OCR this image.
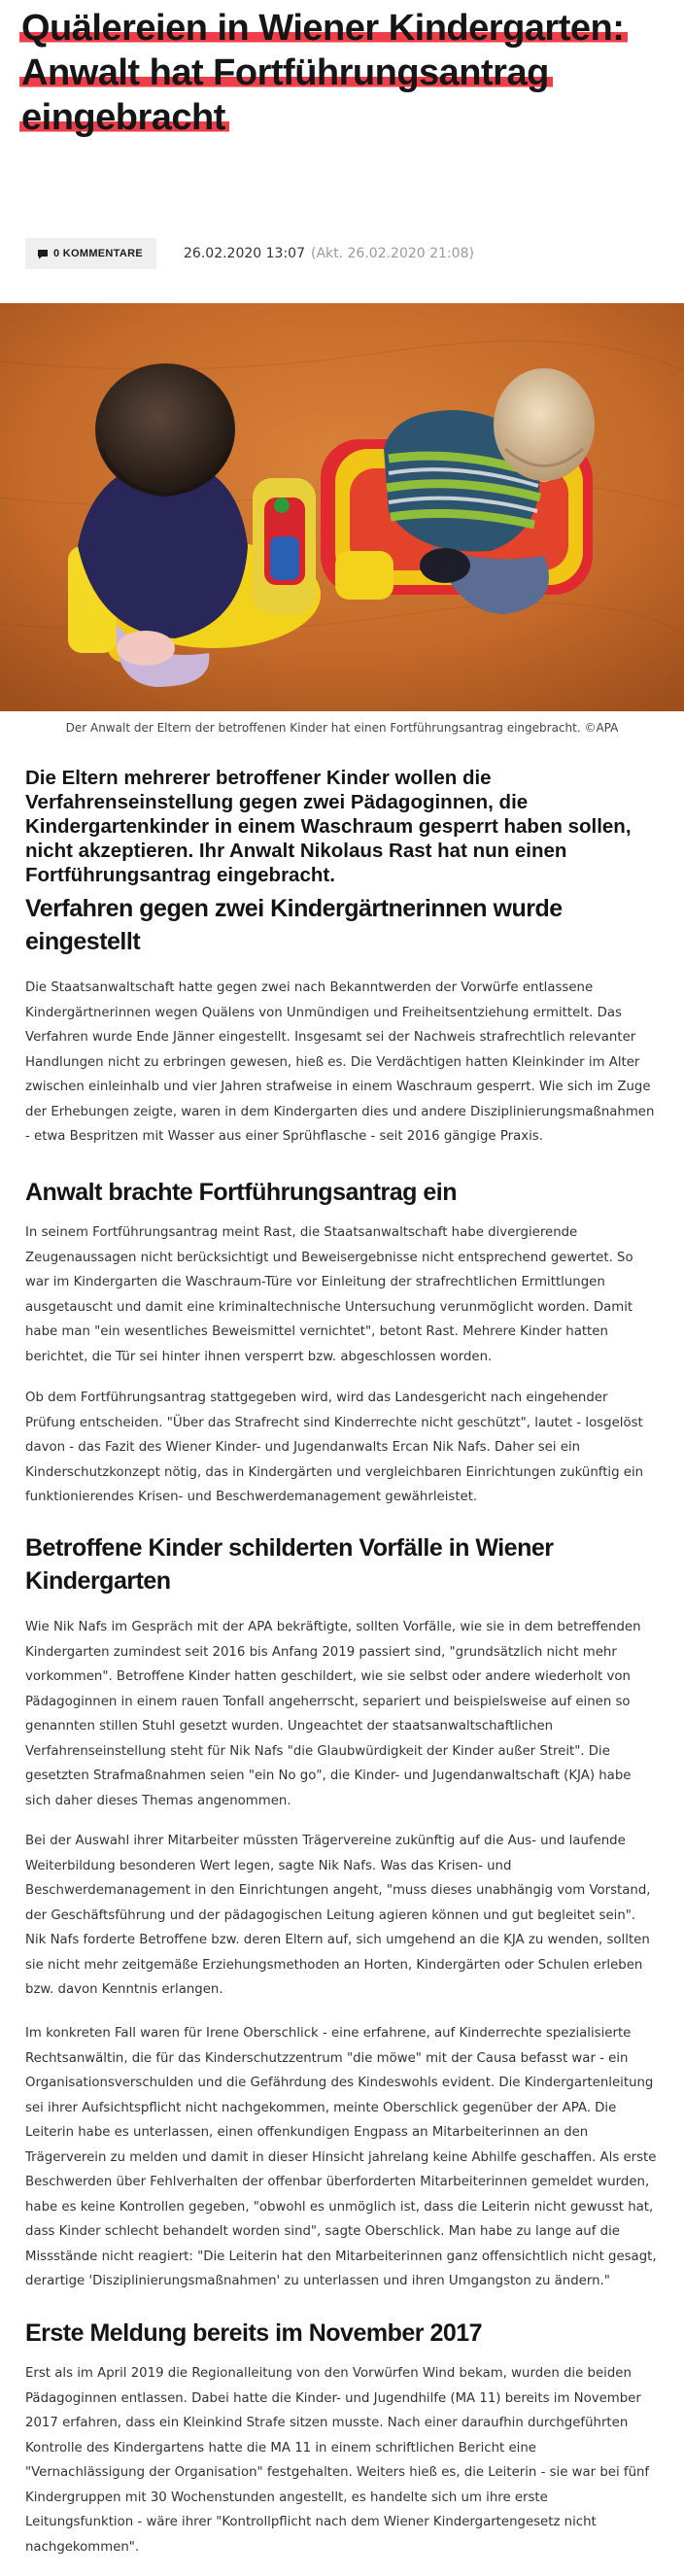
Quälereien in Wiener Kindergarten: Anwalt hat Fortführungsantrag eingebracht
0 KOMMENTARE	26.02.2020 13:07 (Akt. 26.02.2020 21:08)

Der Anwalt der Eltern der betroffenen Kinder hat einen Fortführungsantrag eingebracht. ©APA

Die Eltern mehrerer betroffener Kinder wollen die Verfahrenseinstellung gegen zwei Pädagoginnen, die Kindergartenkinder in einem Waschraum gesperrt haben sollen, nicht akzeptieren. Ihr Anwalt Nikolaus Rast hat nun einen Fortführungsantrag eingebracht.

Verfahren gegen zwei Kindergärtnerinnen wurde eingestellt

Die Staatsanwaltschaft hatte gegen zwei nach Bekanntwerden der Vorwürfe entlassene Kindergärtnerinnen wegen Quälens von Unmündigen und Freiheitsentziehung ermittelt. Das Verfahren wurde Ende Jänner eingestellt. Insgesamt sei der Nachweis strafrechtlich relevanter Handlungen nicht zu erbringen gewesen, hieß es. Die Verdächtigen hatten Kleinkinder im Alter zwischen einleinhalb und vier Jahren strafweise in einem Waschraum gesperrt. Wie sich im Zuge der Erhebungen zeigte, waren in dem Kindergarten dies und andere Disziplinierungsmaßnahmen - etwa Bespritzen mit Wasser aus einer Sprühflasche - seit 2016 gängige Praxis.

Anwalt brachte Fortführungsantrag ein

In seinem Fortführungsantrag meint Rast, die Staatsanwaltschaft habe divergierende Zeugenaussagen nicht berücksichtigt und Beweisergebnisse nicht entsprechend gewertet. So war im Kindergarten die Waschraum-Türe vor Einleitung der strafrechtlichen Ermittlungen ausgetauscht und damit eine kriminaltechnische Untersuchung verunmöglicht worden. Damit habe man "ein wesentliches Beweismittel vernichtet", betont Rast. Mehrere Kinder hatten berichtet, die Tür sei hinter ihnen versperrt bzw. abgeschlossen worden.

Ob dem Fortführungsantrag stattgegeben wird, wird das Landesgericht nach eingehender Prüfung entscheiden. "Über das Strafrecht sind Kinderrechte nicht geschützt", lautet - losgelöst davon - das Fazit des Wiener Kinder- und Jugendanwalts Ercan Nik Nafs. Daher sei ein Kinderschutzkonzept nötig, das in Kindergärten und vergleichbaren Einrichtungen zukünftig ein funktionierendes Krisen- und Beschwerdemanagement gewährleistet.

Betroffene Kinder schilderten Vorfälle in Wiener Kindergarten

Wie Nik Nafs im Gespräch mit der APA bekräftigte, sollten Vorfälle, wie sie in dem betreffenden Kindergarten zumindest seit 2016 bis Anfang 2019 passiert sind, "grundsätzlich nicht mehr vorkommen". Betroffene Kinder hatten geschildert, wie sie selbst oder andere wiederholt von Pädagoginnen in einem rauen Tonfall angeherrscht, separiert und beispielsweise auf einen so genannten stillen Stuhl gesetzt wurden. Ungeachtet der staatsanwaltschaftlichen Verfahrenseinstellung steht für Nik Nafs "die Glaubwürdigkeit der Kinder außer Streit". Die gesetzten Strafmaßnahmen seien "ein No go", die Kinder- und Jugendanwaltschaft (KJA) habe sich daher dieses Themas angenommen.

Bei der Auswahl ihrer Mitarbeiter müssten Trägervereine zukünftig auf die Aus- und laufende Weiterbildung besonderen Wert legen, sagte Nik Nafs. Was das Krisen- und Beschwerdemanagement in den Einrichtungen angeht, "muss dieses unabhängig vom Vorstand, der Geschäftsführung und der pädagogischen Leitung agieren können und gut begleitet sein". Nik Nafs forderte Betroffene bzw. deren Eltern auf, sich umgehend an die KJA zu wenden, sollten sie nicht mehr zeitgemäße Erziehungsmethoden an Horten, Kindergärten oder Schulen erleben bzw. davon Kenntnis erlangen.

Im konkreten Fall waren für Irene Oberschlick - eine erfahrene, auf Kinderrechte spezialisierte Rechtsanwältin, die für das Kinderschutzzentrum "die möwe" mit der Causa befasst war - ein Organisationsverschulden und die Gefährdung des Kindeswohls evident. Die Kindergartenleitung sei ihrer Aufsichtspflicht nicht nachgekommen, meinte Oberschlick gegenüber der APA. Die Leiterin habe es unterlassen, einen offenkundigen Engpass an Mitarbeiterinnen an den Trägerverein zu melden und damit in dieser Hinsicht jahrelang keine Abhilfe geschaffen. Als erste Beschwerden über Fehlverhalten der offenbar überforderten Mitarbeiterinnen gemeldet wurden, habe es keine Kontrollen gegeben, "obwohl es unmöglich ist, dass die Leiterin nicht gewusst hat, dass Kinder schlecht behandelt worden sind", sagte Oberschlick. Man habe zu lange auf die Missstände nicht reagiert: "Die Leiterin hat den Mitarbeiterinnen ganz offensichtlich nicht gesagt, derartige 'Disziplinierungsmaßnahmen' zu unterlassen und ihren Umgangston zu ändern."

Erste Meldung bereits im November 2017

Erst als im April 2019 die Regionalleitung von den Vorwürfen Wind bekam, wurden die beiden Pädagoginnen entlassen. Dabei hatte die Kinder- und Jugendhilfe (MA 11) bereits im November 2017 erfahren, dass ein Kleinkind Strafe sitzen musste. Nach einer daraufhin durchgeführten Kontrolle des Kindergartens hatte die MA 11 in einem schriftlichen Bericht eine "Vernachlässigung der Organisation" festgehalten. Weiters hieß es, die Leiterin - sie war bei fünf Kindergruppen mit 30 Wochenstunden angestellt, es handelte sich um ihre erste Leitungsfunktion - wäre ihrer "Kontrollpflicht nach dem Wiener Kindergartengesetz nicht nachgekommen".
